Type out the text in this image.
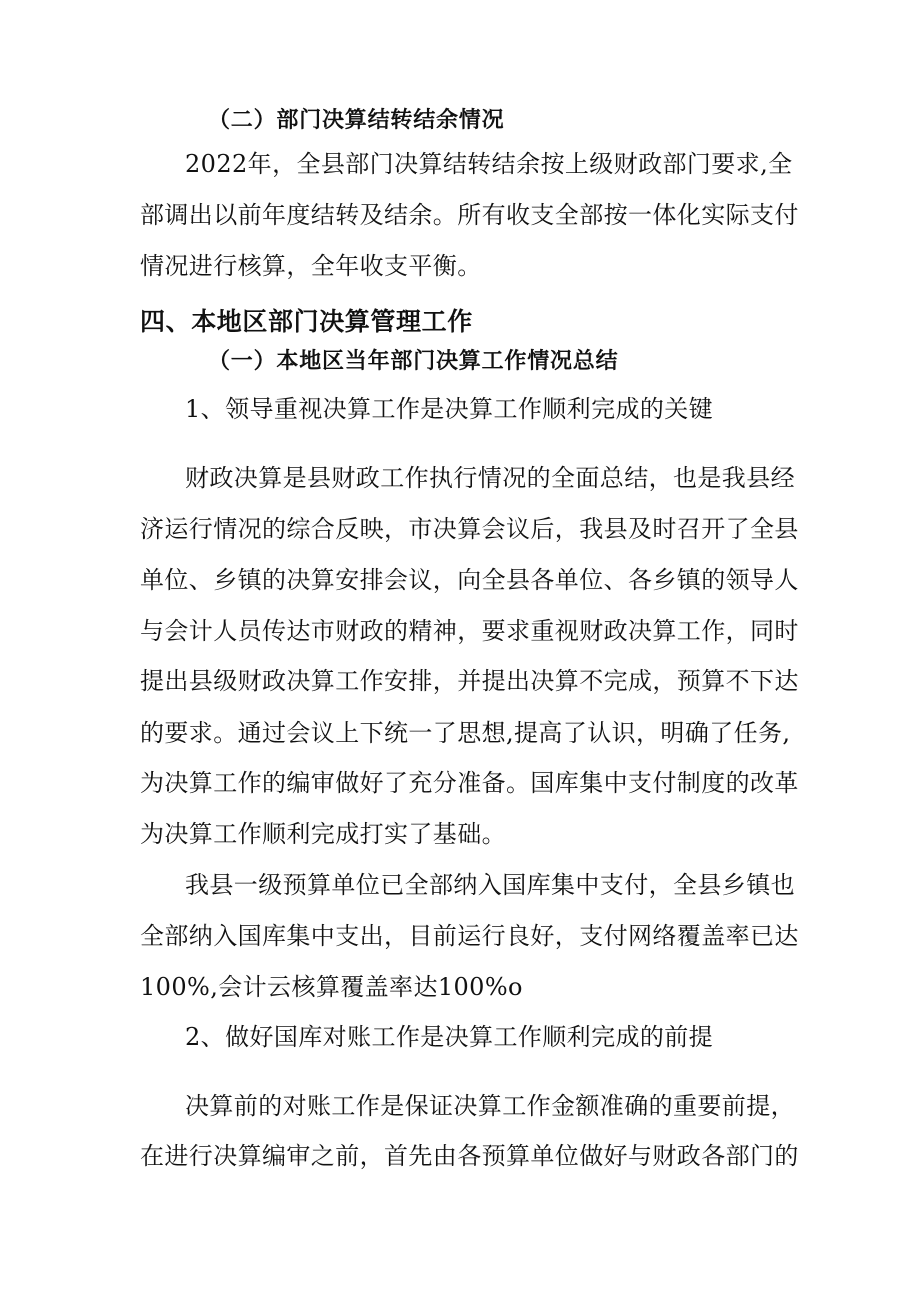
（二）部门决算结转结余情况
2022年，全县部门决算结转结余按上级财政部门要求,全
部调出以前年度结转及结余。所有收支全部按一体化实际支付
情况进行核算，全年收支平衡。
四、本地区部门决算管理工作
（一）本地区当年部门决算工作情况总结
1、领导重视决算工作是决算工作顺利完成的关键
财政决算是县财政工作执行情况的全面总结，也是我县经
济运行情况的综合反映，市决算会议后，我县及时召开了全县
单位、乡镇的决算安排会议，向全县各单位、各乡镇的领导人
与会计人员传达市财政的精神，要求重视财政决算工作，同时
提出县级财政决算工作安排，并提出决算不完成，预算不下达
的要求。通过会议上下统一了思想,提高了认识，明确了任务,
为决算工作的编审做好了充分准备。国库集中支付制度的改革
为决算工作顺利完成打实了基础。
我县一级预算单位已全部纳入国库集中支付，全县乡镇也
全部纳入国库集中支出，目前运行良好，支付网络覆盖率已达
100%,会计云核算覆盖率达100%o
2、做好国库对账工作是决算工作顺利完成的前提
决算前的对账工作是保证决算工作金额准确的重要前提，
在进行决算编审之前，首先由各预算单位做好与财政各部门的
